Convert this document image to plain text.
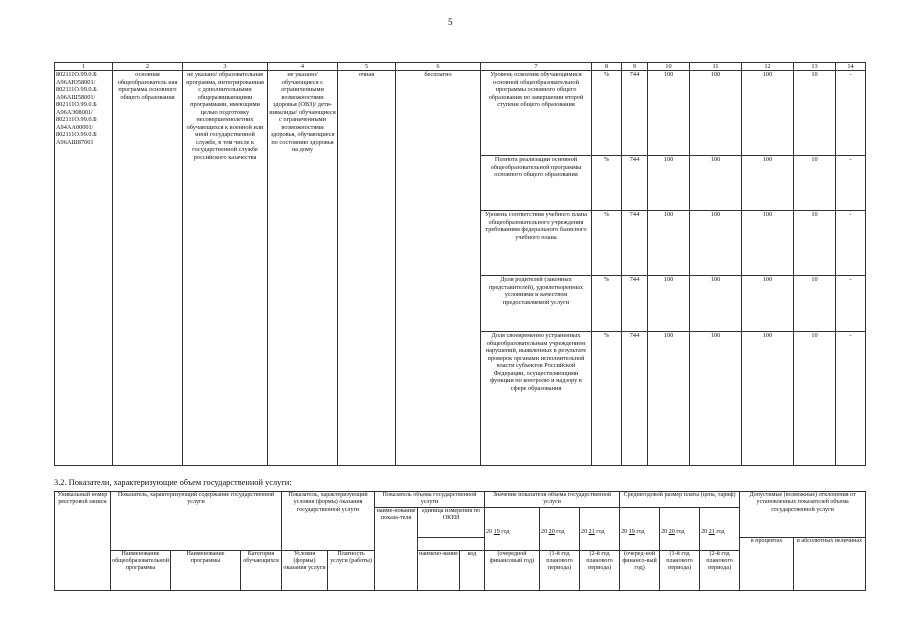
5
1	2	3	4	5	6	7	8	9	10	11	12	13	14
802111О.99.0.Б А96АЮ58001/ 802111О.99.0.Б А96АШ58001/ 802111О.99.0.Б А96АЭ08001/ 802111О.99.0.Б А94АА00001/ 802111О.99.0.Б А96АШ87001	основная общеобразователь ная программа основного общего образования	не указано/ образовательная программа, интегрированная с дополнительными общеразвивающими программами, имеющими целью подготовку несовершеннолетних обучающихся к военной или иной государственной службе, в том числе к государственной службе российского казачества	не указано/ обучающиеся с ограниченными возможностями здоровья (ОВЗ)/ дети-инвалиды/ обучающиеся с ограниченными возможностями здоровья, обучающиеся по состоянию здоровья на дому	очная	бесплатно	Уровень освоения обучающимися основной общеобразовательной программы основного общего образования по завершении второй ступени общего образования	%	744	100	100	100	10	-
						Полнота реализации основной общеобразовательной программы основного общего образования	%	744	100	100	100	10	-
						Уровень соответствия учебного плана общеобразовательного учреждения требованиям федерального базисного учебного плана	%	744	100	100	100	10	-
						Доля родителей (законных представителей), удовлетворенных условиями и качеством предоставляемой услуги	%	744	100	100	100	10	-
						Доля своевременно устраненных общеобразовательным учреждением нарушений, выявленных в результате проверок органами исполнительной власти субъектов Российской Федерации, осуществляющими функции по контролю и надзору в сфере образования	%	744	100	100	100	10	-
3.2. Показатели, характеризующие объем государственной услуги:
Уникальный номер реестровой записи	Показатель, характеризующий содержание государственной услуги			Показатель, характеризующий условия (формы) оказания государственной услуги		Показатель объема государственной услуги			Значение показателя объема государственной услуги			Среднегодовой размер платы (цена, тариф)			Допустимые (возможные) отклонения от установленных показателей объема государственной услуги	
						наиме-нование показа-теля	единица измерения по ОКЕИ		20 19 год	20 20 год	20 21 год	20 19 год	20 20 год	20 21 год		
															в процентах	в абсолютных величинах
	Наименование общеобразовательной программы	Наименование программы	Категория обучающихся	Условия (формы) оказания услуги	Платность услуги (работы)		наимено-вание	код	(очередной финансовый год)	(1-й год планового периода)	(2-й год планового периода)	(очеред-ной финансо-вый год)	(1-й год планового периода)	(2-й год планового периода)		
